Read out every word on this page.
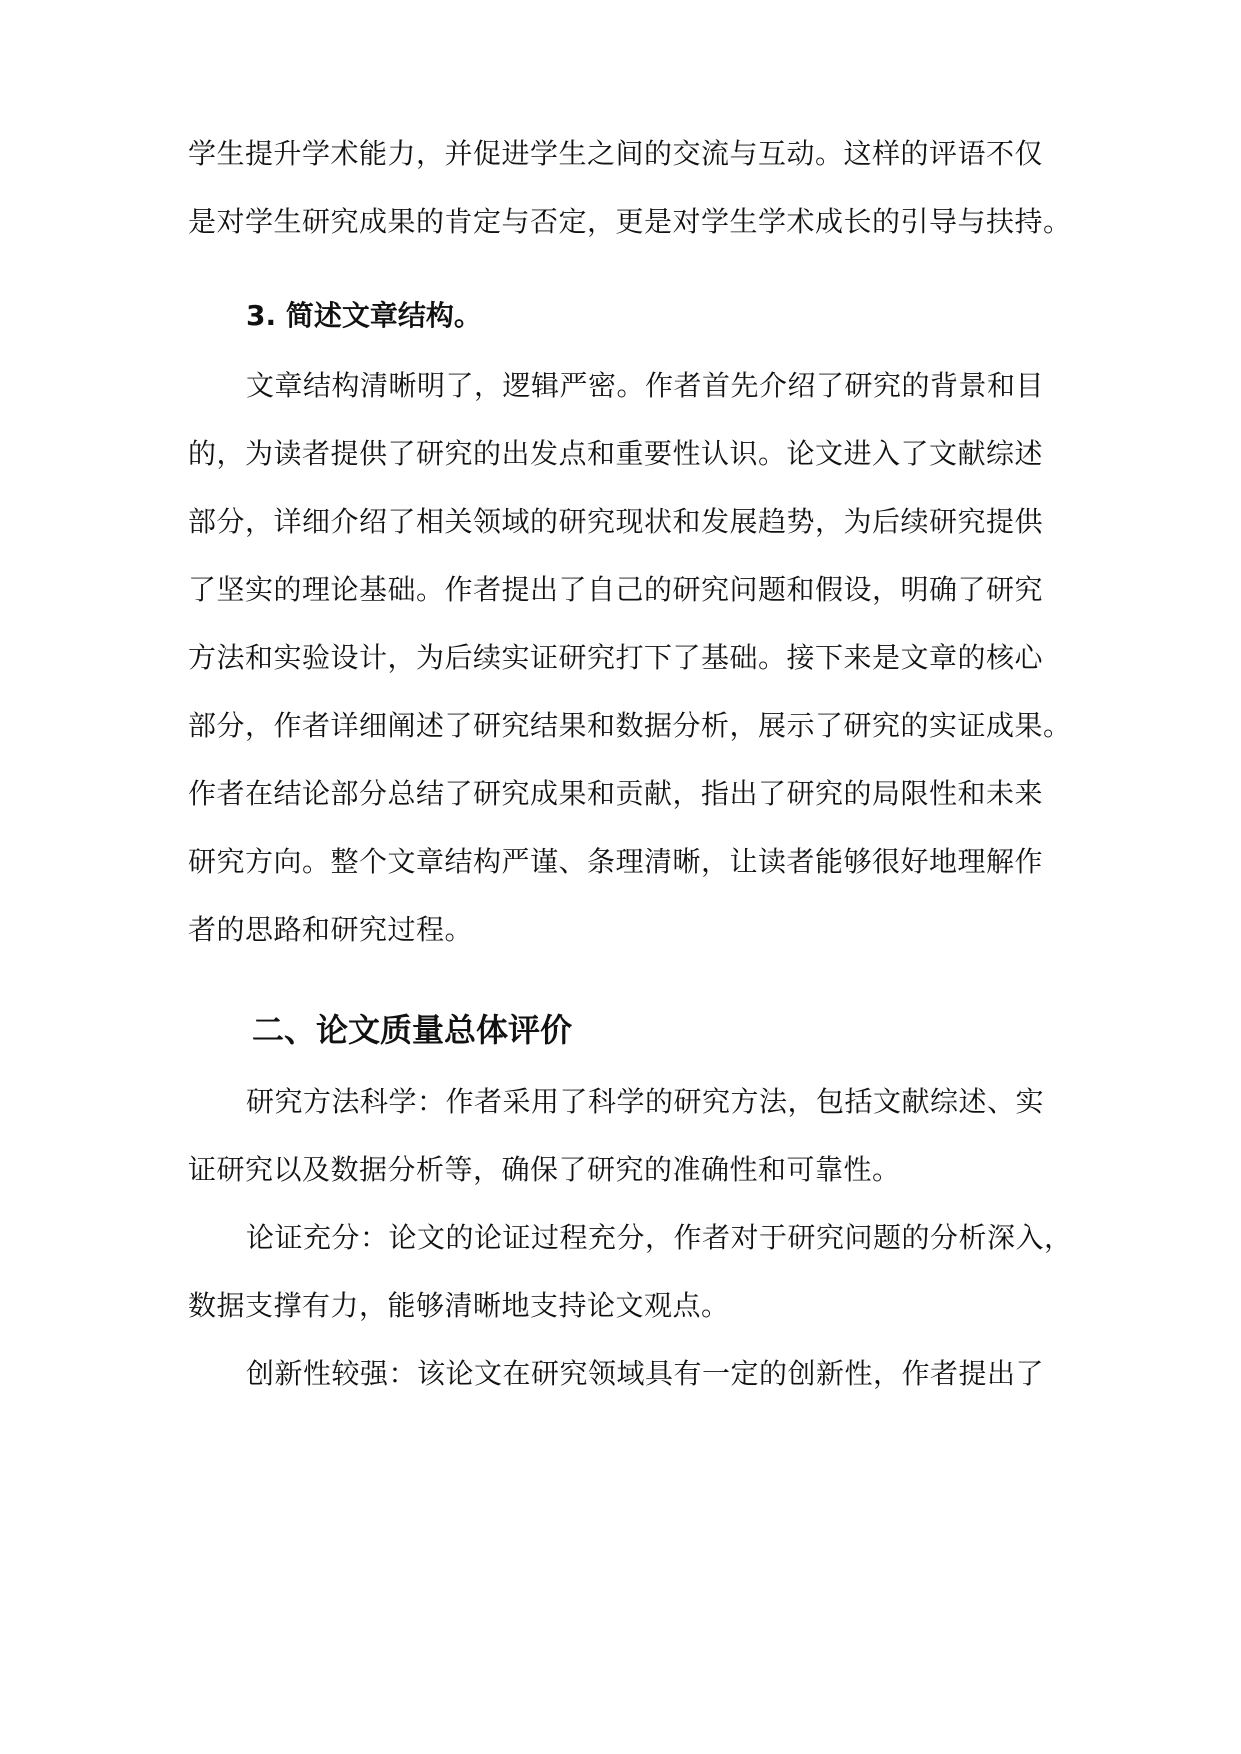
学生提升学术能力，并促进学生之间的交流与互动。这样的评语不仅
是对学生研究成果的肯定与否定，更是对学生学术成长的引导与扶持。
3. 简述文章结构。
文章结构清晰明了，逻辑严密。作者首先介绍了研究的背景和目
的，为读者提供了研究的出发点和重要性认识。论文进入了文献综述
部分，详细介绍了相关领域的研究现状和发展趋势，为后续研究提供
了坚实的理论基础。作者提出了自己的研究问题和假设，明确了研究
方法和实验设计，为后续实证研究打下了基础。接下来是文章的核心
部分，作者详细阐述了研究结果和数据分析，展示了研究的实证成果。
作者在结论部分总结了研究成果和贡献，指出了研究的局限性和未来
研究方向。整个文章结构严谨、条理清晰，让读者能够很好地理解作
者的思路和研究过程。
二、论文质量总体评价
研究方法科学：作者采用了科学的研究方法，包括文献综述、实
证研究以及数据分析等，确保了研究的准确性和可靠性。
论证充分：论文的论证过程充分，作者对于研究问题的分析深入，
数据支撑有力，能够清晰地支持论文观点。
创新性较强：该论文在研究领域具有一定的创新性，作者提出了
